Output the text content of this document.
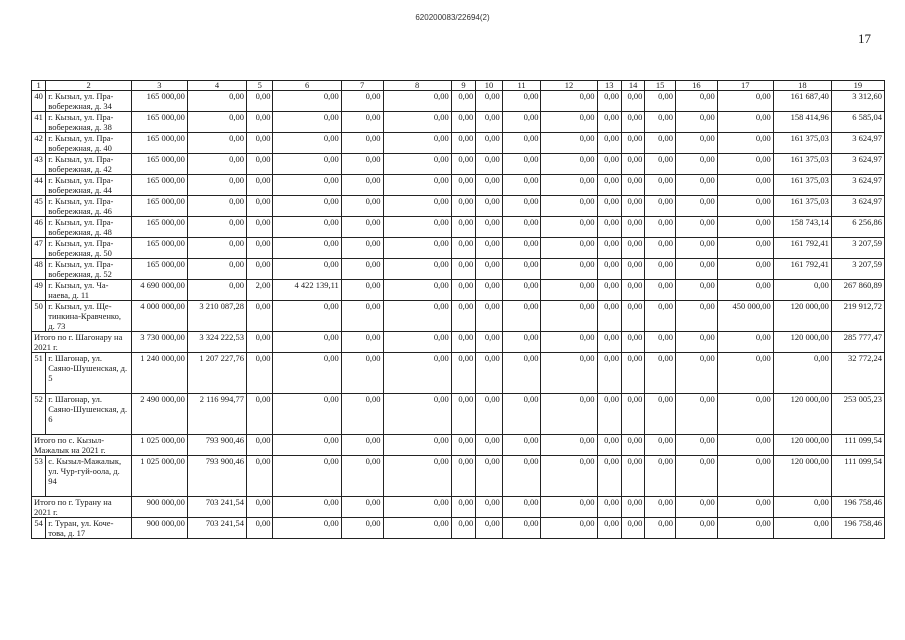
620200083/22694(2)
17
1	2	3	4	5	6	7	8	9	10	11	12	13	14	15	16	17	18	19
40	г. Кызыл, ул. Пра-вобережная, д. 34	165 000,00	0,00	0,00	0,00	0,00	0,00	0,00	0,00	0,00	0,00	0,00	0,00	0,00	0,00	0,00	161 687,40	3 312,60
41	г. Кызыл, ул. Пра-вобережная, д. 38	165 000,00	0,00	0,00	0,00	0,00	0,00	0,00	0,00	0,00	0,00	0,00	0,00	0,00	0,00	0,00	158 414,96	6 585,04
42	г. Кызыл, ул. Пра-вобережная, д. 40	165 000,00	0,00	0,00	0,00	0,00	0,00	0,00	0,00	0,00	0,00	0,00	0,00	0,00	0,00	0,00	161 375,03	3 624,97
43	г. Кызыл, ул. Пра-вобережная, д. 42	165 000,00	0,00	0,00	0,00	0,00	0,00	0,00	0,00	0,00	0,00	0,00	0,00	0,00	0,00	0,00	161 375,03	3 624,97
44	г. Кызыл, ул. Пра-вобережная, д. 44	165 000,00	0,00	0,00	0,00	0,00	0,00	0,00	0,00	0,00	0,00	0,00	0,00	0,00	0,00	0,00	161 375,03	3 624,97
45	г. Кызыл, ул. Пра-вобережная, д. 46	165 000,00	0,00	0,00	0,00	0,00	0,00	0,00	0,00	0,00	0,00	0,00	0,00	0,00	0,00	0,00	161 375,03	3 624,97
46	г. Кызыл, ул. Пра-вобережная, д. 48	165 000,00	0,00	0,00	0,00	0,00	0,00	0,00	0,00	0,00	0,00	0,00	0,00	0,00	0,00	0,00	158 743,14	6 256,86
47	г. Кызыл, ул. Пра-вобережная, д. 50	165 000,00	0,00	0,00	0,00	0,00	0,00	0,00	0,00	0,00	0,00	0,00	0,00	0,00	0,00	0,00	161 792,41	3 207,59
48	г. Кызыл, ул. Пра-вобережная, д. 52	165 000,00	0,00	0,00	0,00	0,00	0,00	0,00	0,00	0,00	0,00	0,00	0,00	0,00	0,00	0,00	161 792,41	3 207,59
49	г. Кызыл, ул. Ча-наева, д. 11	4 690 000,00	0,00	2,00	4 422 139,11	0,00	0,00	0,00	0,00	0,00	0,00	0,00	0,00	0,00	0,00	0,00	0,00	267 860,89
50	г. Кызыл, ул. Ще-тинкина-Кравченко, д. 73	4 000 000,00	3 210 087,28	0,00	0,00	0,00	0,00	0,00	0,00	0,00	0,00	0,00	0,00	0,00	0,00	450 000,00	120 000,00	219 912,72
Итого по г. Шагонару на 2021 г.		3 730 000,00	3 324 222,53	0,00	0,00	0,00	0,00	0,00	0,00	0,00	0,00	0,00	0,00	0,00	0,00	0,00	120 000,00	285 777,47
51	г. Шагонар, ул. Саяно-Шушенская, д. 5	1 240 000,00	1 207 227,76	0,00	0,00	0,00	0,00	0,00	0,00	0,00	0,00	0,00	0,00	0,00	0,00	0,00	0,00	32 772,24
52	г. Шагонар, ул. Саяно-Шушенская, д. 6	2 490 000,00	2 116 994,77	0,00	0,00	0,00	0,00	0,00	0,00	0,00	0,00	0,00	0,00	0,00	0,00	0,00	120 000,00	253 005,23
Итого по с. Кызыл-Мажалык на 2021 г.		1 025 000,00	793 900,46	0,00	0,00	0,00	0,00	0,00	0,00	0,00	0,00	0,00	0,00	0,00	0,00	0,00	120 000,00	111 099,54
53	с. Кызыл-Мажалык, ул. Чур-гуй-оола, д. 94	1 025 000,00	793 900,46	0,00	0,00	0,00	0,00	0,00	0,00	0,00	0,00	0,00	0,00	0,00	0,00	0,00	120 000,00	111 099,54
Итого по г. Турану на 2021 г.		900 000,00	703 241,54	0,00	0,00	0,00	0,00	0,00	0,00	0,00	0,00	0,00	0,00	0,00	0,00	0,00	0,00	196 758,46
54	г. Туран, ул. Коче-това, д. 17	900 000,00	703 241,54	0,00	0,00	0,00	0,00	0,00	0,00	0,00	0,00	0,00	0,00	0,00	0,00	0,00	0,00	196 758,46
